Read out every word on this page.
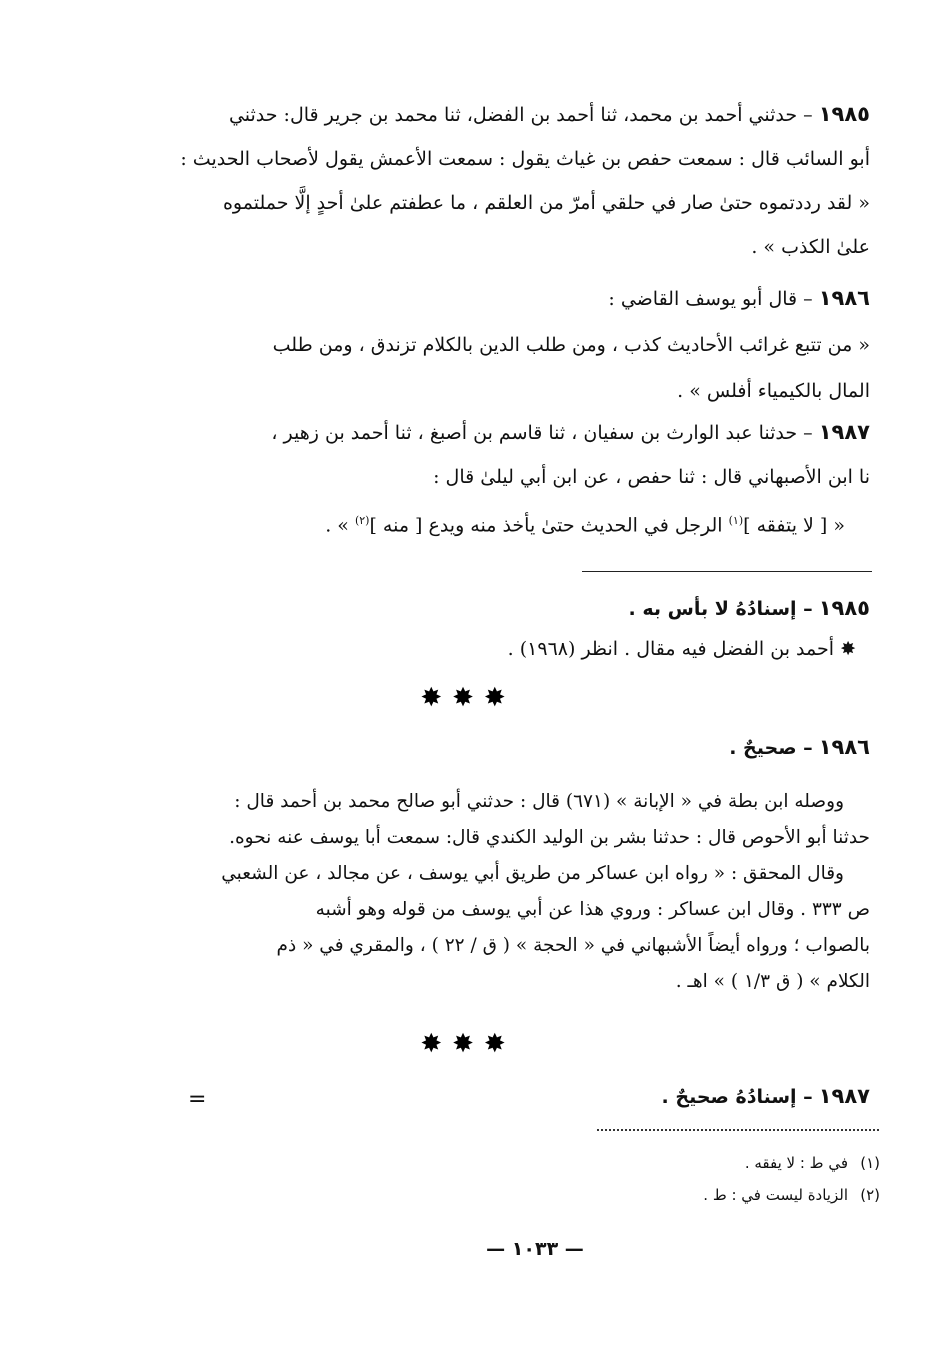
١٩٨٥ – حدثني أحمد بن محمد، ثنا أحمد بن الفضل، ثنا محمد بن جرير قال: حدثني
أبو السائب قال : سمعت حفص بن غياث يقول : سمعت الأعمش يقول لأصحاب الحديث :
« لقد رددتموه حتىٰ صار في حلقي أمرّ من العلقم ، ما عطفتم علىٰ أحدٍ إلَّا حملتموه
علىٰ الكذب » .
١٩٨٦ – قال أبو يوسف القاضي :
« من تتبع غرائب الأحاديث كذب ، ومن طلب الدين بالكلام تزندق ، ومن طلب
المال بالكيمياء أفلس » .
١٩٨٧ – حدثنا عبد الوارث بن سفيان ، ثنا قاسم بن أصبغ ، ثنا أحمد بن زهير ،
نا ابن الأصبهاني قال : ثنا حفص ، عن ابن أبي ليلىٰ قال :
« [ لا يتفقه ]$^{(١)}$ الرجل في الحديث حتىٰ يأخذ منه ويدع [ منه ]$^{(٢)}$ » .
١٩٨٥ – إسنادُهُ لا بأس به .
✸ أحمد بن الفضل فيه مقال . انظر (١٩٦٨) .
✸✸✸
١٩٨٦ – صحيحٌ .
ووصله ابن بطة في « الإبانة » (٦٧١) قال : حدثني أبو صالح محمد بن أحمد قال :
حدثنا أبو الأحوص قال : حدثنا بشر بن الوليد الكندي قال: سمعت أبا يوسف عنه نحوه.
وقال المحقق : « رواه ابن عساكر من طريق أبي يوسف ، عن مجالد ، عن الشعبي
ص ٣٣٣ . وقال ابن عساكر : وروي هذا عن أبي يوسف من قوله وهو أشبه
بالصواب ؛ ورواه أيضاً الأشبهاني في « الحجة » ( ق / ٢٢ ) ، والمقري في « ذم
الكلام » ( ق ١/٣ ) » اهـ .
✸✸✸
١٩٨٧ – إسنادُهُ صحيحٌ .
=
(١)في ط : لا يفقه .
(٢)الزيادة ليست في : ط .
— ١٠٣٣ —
